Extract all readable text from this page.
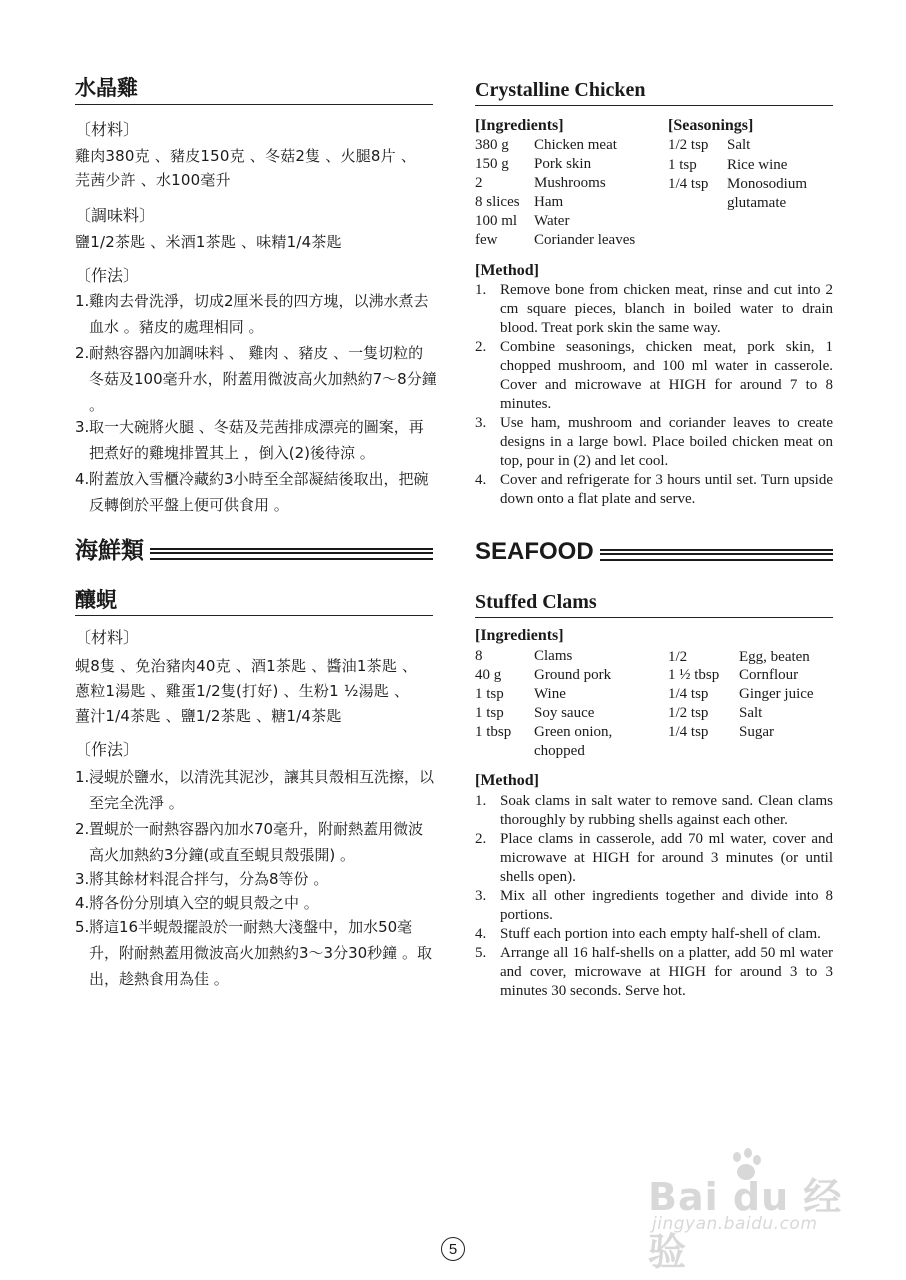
水晶雞
〔材料〕
雞肉380克 、豬皮150克 、冬菇2隻 、火腿8片 、
芫茜少許 、水100毫升
〔調味料〕
鹽1/2茶匙 、米酒1茶匙 、味精1/4茶匙
〔作法〕
1. 雞肉去骨洗淨，切成2厘米長的四方塊，以沸水煮去血水 。豬皮的處理相同 。
2. 耐熱容器內加調味料 、 雞肉 、豬皮 、一隻切粒的冬菇及100毫升水，附蓋用微波高火加熱約7～8分鐘 。
3. 取一大碗將火腿 、冬菇及芫茜排成漂亮的圖案，再把煮好的雞塊排置其上 ，倒入(2)後待涼 。
4. 附蓋放入雪櫃冷藏約3小時至全部凝結後取出，把碗反轉倒於平盤上便可供食用 。
海鮮類
釀蜆
〔材料〕
蜆8隻 、免治豬肉40克 、酒1茶匙 、醬油1茶匙 、
蔥粒1湯匙 、雞蛋1/2隻(打好) 、生粉1 ½湯匙 、
薑汁1/4茶匙 、鹽1/2茶匙 、糖1/4茶匙
〔作法〕
1. 浸蜆於鹽水，以清洗其泥沙，讓其貝殼相互洗擦，以至完全洗淨 。
2. 置蜆於一耐熱容器內加水70毫升，附耐熱蓋用微波高火加熱約3分鐘(或直至蜆貝殼張開) 。
3. 將其餘材料混合拌勻，分為8等份 。
4. 將各份分別填入空的蜆貝殼之中 。
5. 將這16半蜆殼擺設於一耐熱大淺盤中，加水50毫升，附耐熱蓋用微波高火加熱約3～3分30秒鐘 。取出，趁熱食用為佳 。
Crystalline Chicken
[Ingredients]
380 g Chicken meat
150 g Pork skin
2	Mushrooms
8 slices Ham
100 ml Water
few Coriander leaves
[Seasonings]
1/2 tsp Salt
1 tsp Rice wine
1/4 tsp Monosodium
glutamate
[Method]
1. Remove bone from chicken meat, rinse and cut into 2 cm square pieces, blanch in boiled water to drain blood. Treat pork skin the same way.
2. Combine seasonings, chicken meat, pork skin, 1 chopped mushroom, and 100 ml water in casserole. Cover and microwave at HIGH for around 7 to 8 minutes.
3. Use ham, mushroom and coriander leaves to create designs in a large bowl. Place boiled chicken meat on top, pour in (2) and let cool.
4. Cover and refrigerate for 3 hours until set. Turn upside down onto a flat plate and serve.
SEAFOOD
Stuffed Clams
[Ingredients]
8	Clams
40 g Ground pork
1 tsp Wine
1 tsp Soy sauce
1 tbsp Green onion,
chopped
1/2	Egg, beaten
1 ½ tbsp Cornflour
1/4 tsp Ginger juice
1/2 tsp Salt
1/4 tsp Sugar
[Method]
1. Soak clams in salt water to remove sand. Clean clams thoroughly by rubbing shells against each other.
2. Place clams in casserole, add 70 ml water, cover and microwave at HIGH for around 3 minutes (or until shells open).
3. Mix all other ingredients together and divide into 8 portions.
4. Stuff each portion into each empty half-shell of clam.
5. Arrange all 16 half-shells on a platter, add 50 ml water and cover, microwave at HIGH for around 3 to 3 minutes 30 seconds. Serve hot.
Bai du 经验
jingyan.baidu.com
5
